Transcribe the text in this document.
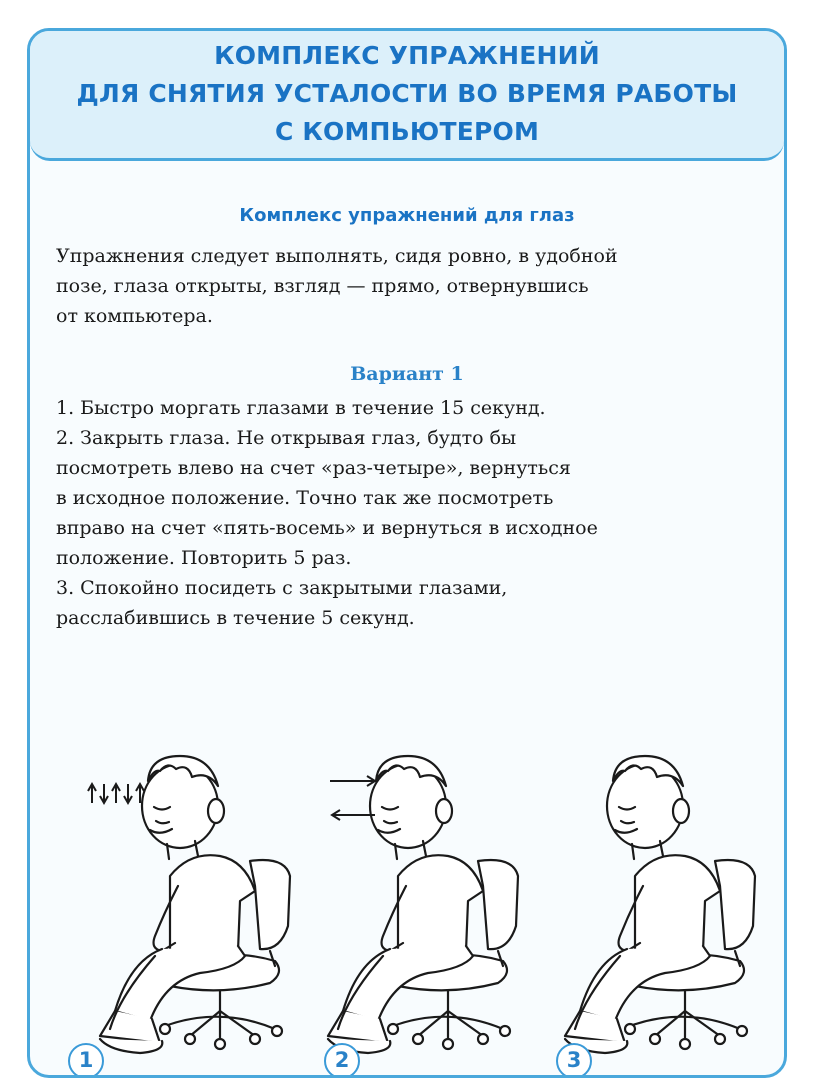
КОМПЛЕКС УПРАЖНЕНИЙ
ДЛЯ СНЯТИЯ УСТАЛОСТИ ВО ВРЕМЯ РАБОТЫ
С КОМПЬЮТЕРОМ
Комплекс упражнений для глаз
Упражнения следует выполнять, сидя ровно, в удобной
позе, глаза открыты, взгляд — прямо, отвернувшись
от компьютера.
Вариант 1
1. Быстро моргать глазами в течение 15 секунд.
2. Закрыть глаза. Не открывая глаз, будто бы
посмотреть влево на счет «раз-четыре», вернуться
в исходное положение. Точно так же посмотреть
вправо на счет «пять-восемь» и вернуться в исходное
положение. Повторить 5 раз.
3. Спокойно посидеть с закрытыми глазами,
расслабившись в течение 5 секунд.
1	2	3
